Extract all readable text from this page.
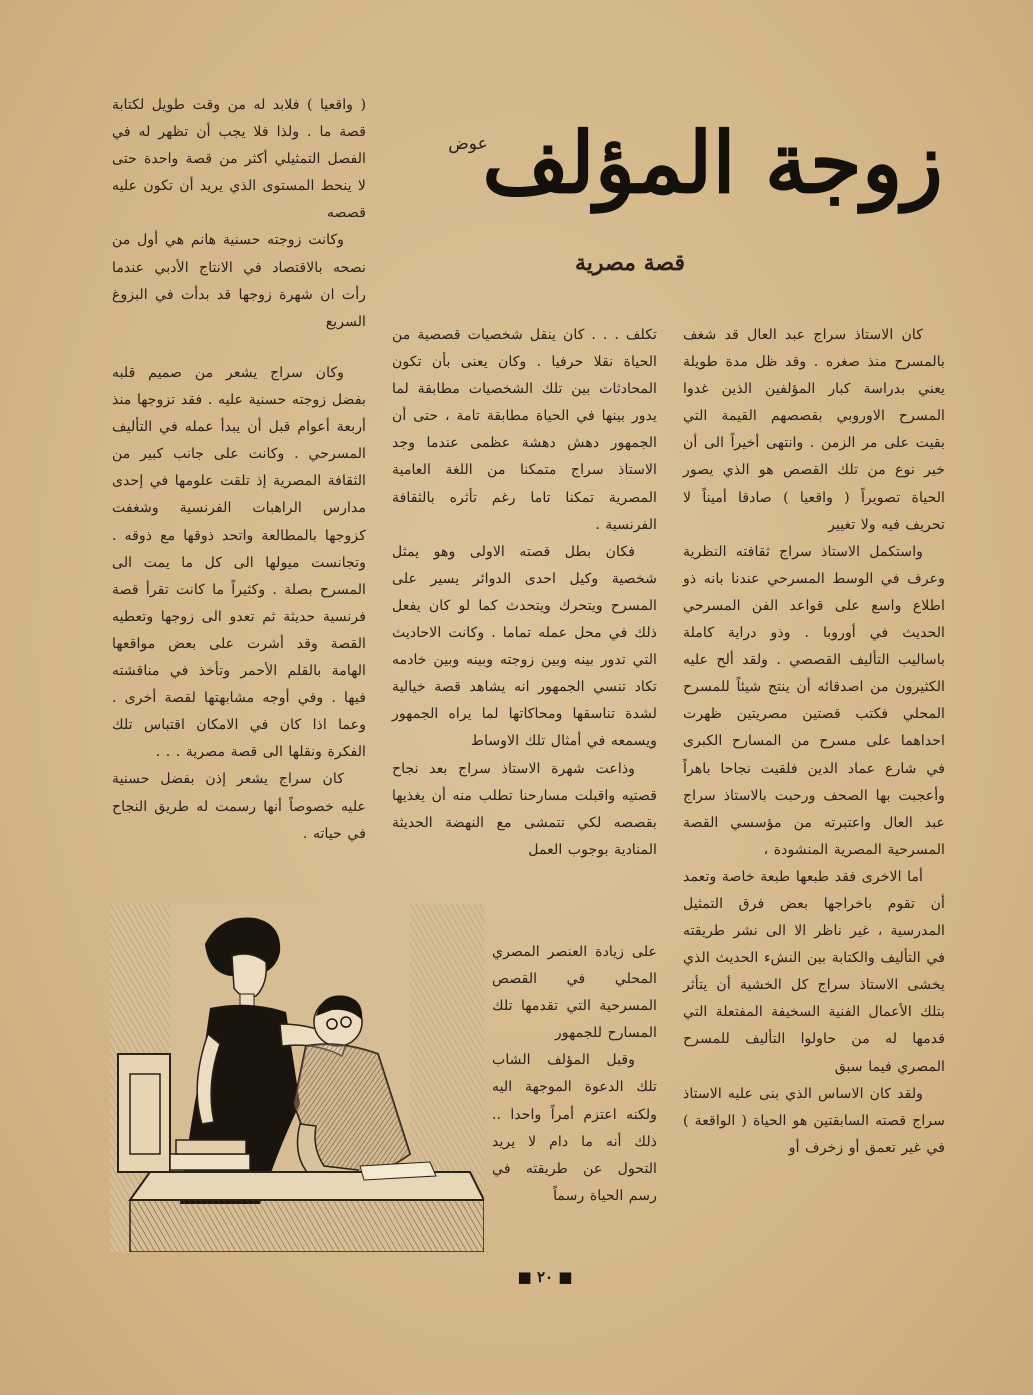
زوجة المؤلف
عوض
قصة مصرية

كان الاستاذ سراج عبد العال قد شغف بالمسرح منذ صغره . وقد ظل مدة طويلة يعني بدراسة كبار المؤلفين الذين غدوا المسرح الاوروبي بقصصهم القيمة التي بقيت على مر الزمن . وانتهى أخيراً الى أن خير نوع من تلك القصص هو الذي يصور الحياة تصويراً ( واقعيا ) صادقا أميناً لا تحريف فيه ولا تغيير

واستكمل الاستاذ سراج ثقافته النظرية وعرف في الوسط المسرحي عندنا بانه ذو اطلاع واسع على قواعد الفن المسرحي الحديث في أوروبا . وذو دراية كاملة باساليب التأليف القصصي . ولقد ألح عليه الكثيرون من اصدقائه أن ينتج شيئاً للمسرح المحلي فكتب قصتين مصريتين ظهرت احداهما على مسرح من المسارح الكبرى في شارع عماد الدين فلقيت نجاحا باهراً وأعجبت بها الصحف ورحبت بالاستاذ سراج عبد العال واعتبرته من مؤسسي القصة المسرحية المصرية المنشودة ،

أما الاخرى فقد طبعها طبعة خاصة وتعمد أن تقوم باخراجها بعض فرق التمثيل المدرسية ، غير ناظر الا الى نشر طريقته في التأليف والكتابة بين النشء الحديث الذي يخشى الاستاذ سراج كل الخشية أن يتأثر بتلك الأعمال الفنية السخيفة المفتعلة التي قدمها له من حاولوا التأليف للمسرح المصري فيما سبق

ولقد كان الاساس الذي بنى عليه الاستاذ سراج قصته السابقتين هو الحياة ( الواقعة ) في غير تعمق أو زخرف أو

تكلف . . . كان ينقل شخصيات قصصية من الحياة نقلا حرفيا . وكان يعنى بأن تكون المحادثات بين تلك الشخصيات مطابقة لما يدور بينها في الحياة مطابقة تامة ، حتى أن الجمهور دهش دهشة عظمى عندما وجد الاستاذ سراج متمكنا من اللغة العامية المصرية تمكنا تاما رغم تأثره بالثقافة الفرنسية .

فكان بطل قصته الاولى وهو يمثل شخصية وكيل احدى الدوائر يسير على المسرح ويتحرك ويتحدث كما لو كان يفعل ذلك في محل عمله تماما . وكانت الاحاديث التي تدور بينه وبين زوجته وبينه وبين خادمه تكاد تنسي الجمهور انه يشاهد قصة خيالية لشدة تناسقها ومحاكاتها لما يراه الجمهور ويسمعه في أمثال تلك الاوساط

وذاعت شهرة الاستاذ سراج بعد نجاح قصتيه واقبلت مسارحنا تطلب منه أن يغذيها بقصصه لكي تتمشى مع النهضة الحديثة المنادية بوجوب العمل

على زيادة العنصر المصري المحلي في القصص المسرحية التي تقدمها تلك المسارح للجمهور

وقبل المؤلف الشاب تلك الدعوة الموجهة اليه ولكنه اعتزم أمراً واحدا .. ذلك أنه ما دام لا يريد التحول عن طريقته في رسم الحياة رسماً

( واقعيا ) فلابد له من وقت طويل لكتابة قصة ما . ولذا فلا يجب أن تظهر له في الفصل التمثيلي أكثر من قصة واحدة حتى لا ينحط المستوى الذي يريد أن تكون عليه قصصه

وكانت زوجته حسنية هانم هي أول من نصحه بالاقتصاد في الانتاج الأدبي عندما رأت ان شهرة زوجها قد بدأت في البزوغ السريع

وكان سراج يشعر من صميم قلبه بفضل زوجته حسنية عليه . فقد تزوجها منذ أربعة أعوام قبل أن يبدأ عمله في التأليف المسرحي . وكانت على جانب كبير من الثقافة المصرية إذ تلقت علومها في إحدى مدارس الراهبات الفرنسية وشغفت كزوجها بالمطالعة واتحد ذوقها مع ذوقه . وتجانست ميولها الى كل ما يمت الى المسرح بصلة . وكثيراً ما كانت تقرأ قصة فرنسية حديثة ثم تعدو الى زوجها وتعطيه القصة وقد أشرت على بعض مواقعها الهامة بالقلم الأحمر وتأخذ في مناقشته فيها . وفي أوجه مشابهتها لقصة أخرى . وعما اذا كان في الامكان اقتباس تلك الفكرة ونقلها الى قصة مصرية . . .

كان سراج يشعر إذن بفضل حسنية عليه خصوصاً أنها رسمت له طريق النجاح في حياته .

■ ٢٠ ■
